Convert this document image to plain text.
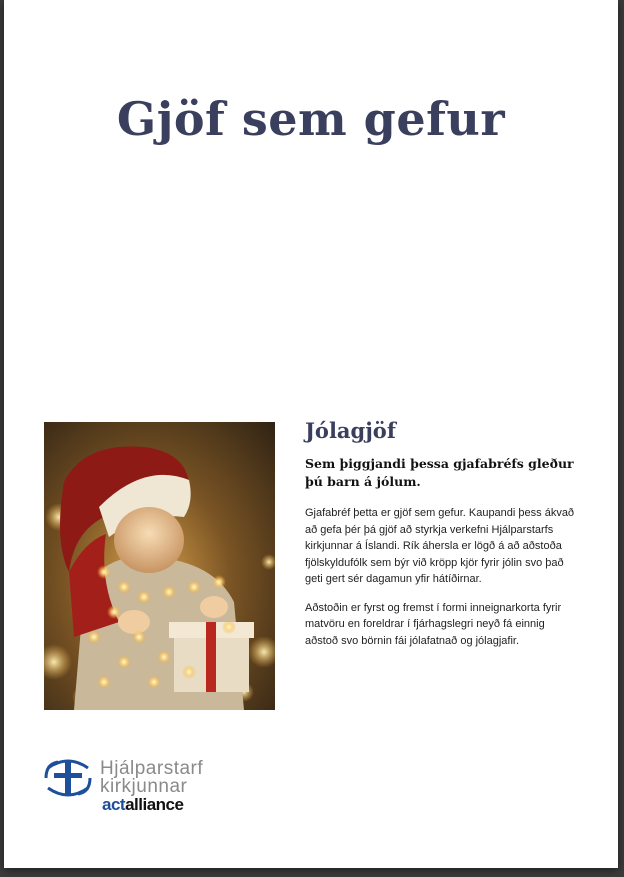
Gjöf sem gefur
Jólagjöf
Sem þiggjandi þessa gjafabréfs gleður þú barn á jólum.

Gjafabréf þetta er gjöf sem gefur. Kaupandi þess ákvað að gefa þér þá gjöf að styrkja verkefni Hjálparstarfs kirkjunnar á Íslandi. Rík áhersla er lögð á að aðstoða fjölskyldufólk sem býr við kröpp kjör fyrir jólin svo það geti gert sér dagamun yfir hátíðirnar.

Aðstoðin er fyrst og fremst í formi inneignarkorta fyrir matvöru en foreldrar í fjárhagslegri neyð fá einnig aðstoð svo börnin fái jólafatnað og jólagjafir.

Hjálparstarf
kirkjunnar
actalliance
